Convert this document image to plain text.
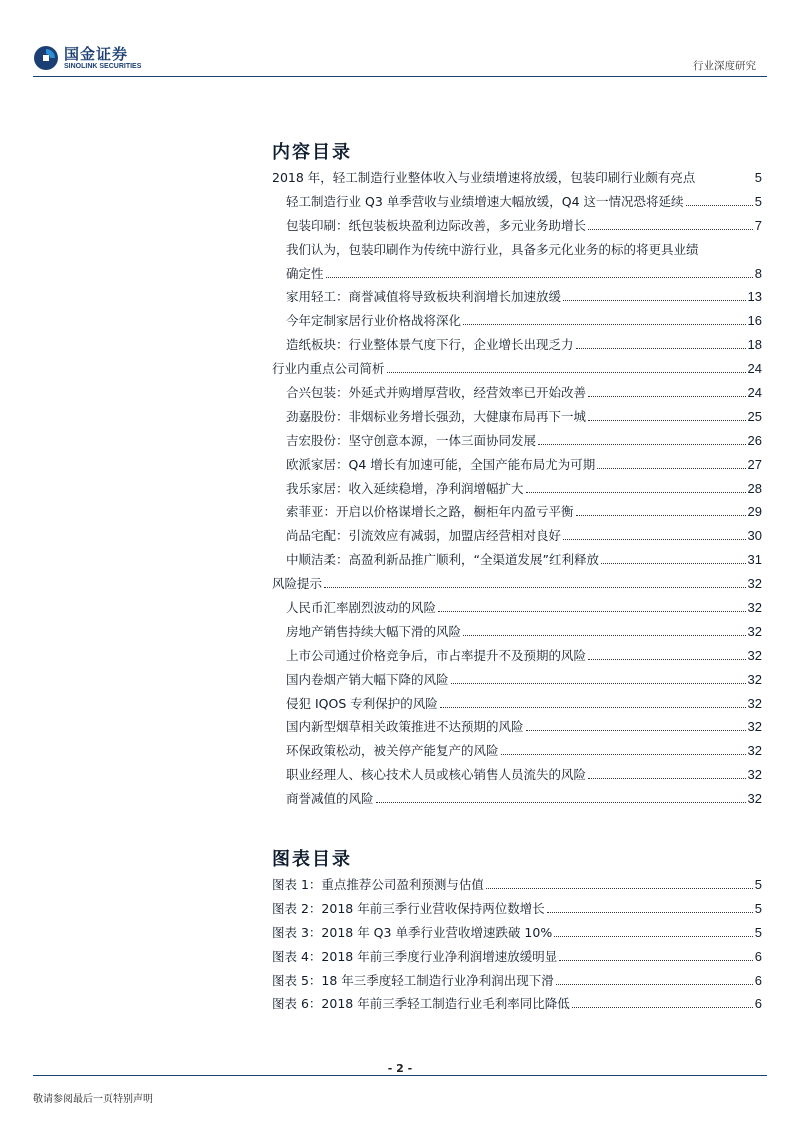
国金证券
SINOLINK SECURITIES	行业深度研究
内容目录
2018 年，轻工制造行业整体收入与业绩增速将放缓，包装印刷行业颇有亮点	5
轻工制造行业 Q3 单季营收与业绩增速大幅放缓，Q4 这一情况恐将延续	5
包装印刷：纸包装板块盈利边际改善，多元业务助增长	7
我们认为，包装印刷作为传统中游行业，具备多元化业务的标的将更具业绩
确定性	8
家用轻工：商誉减值将导致板块利润增长加速放缓	13
今年定制家居行业价格战将深化	16
造纸板块：行业整体景气度下行，企业增长出现乏力	18
行业内重点公司简析	24
合兴包装：外延式并购增厚营收，经营效率已开始改善	24
劲嘉股份：非烟标业务增长强劲，大健康布局再下一城	25
吉宏股份：坚守创意本源，一体三面协同发展	26
欧派家居：Q4 增长有加速可能，全国产能布局尤为可期	27
我乐家居：收入延续稳增，净利润增幅扩大	28
索菲亚：开启以价格谋增长之路，橱柜年内盈亏平衡	29
尚品宅配：引流效应有减弱，加盟店经营相对良好	30
中顺洁柔：高盈利新品推广顺利，“全渠道发展”红利释放	31
风险提示	32
人民币汇率剧烈波动的风险	32
房地产销售持续大幅下滑的风险	32
上市公司通过价格竞争后，市占率提升不及预期的风险	32
国内卷烟产销大幅下降的风险	32
侵犯 IQOS 专利保护的风险	32
国内新型烟草相关政策推进不达预期的风险	32
环保政策松动，被关停产能复产的风险	32
职业经理人、核心技术人员或核心销售人员流失的风险	32
商誉减值的风险	32
图表目录
图表 1：重点推荐公司盈利预测与估值	5
图表 2：2018 年前三季行业营收保持两位数增长	5
图表 3：2018 年 Q3 单季行业营收增速跌破 10%	5
图表 4：2018 年前三季度行业净利润增速放缓明显	6
图表 5：18 年三季度轻工制造行业净利润出现下滑	6
图表 6：2018 年前三季轻工制造行业毛利率同比降低	6
- 2 -
敬请参阅最后一页特别声明
